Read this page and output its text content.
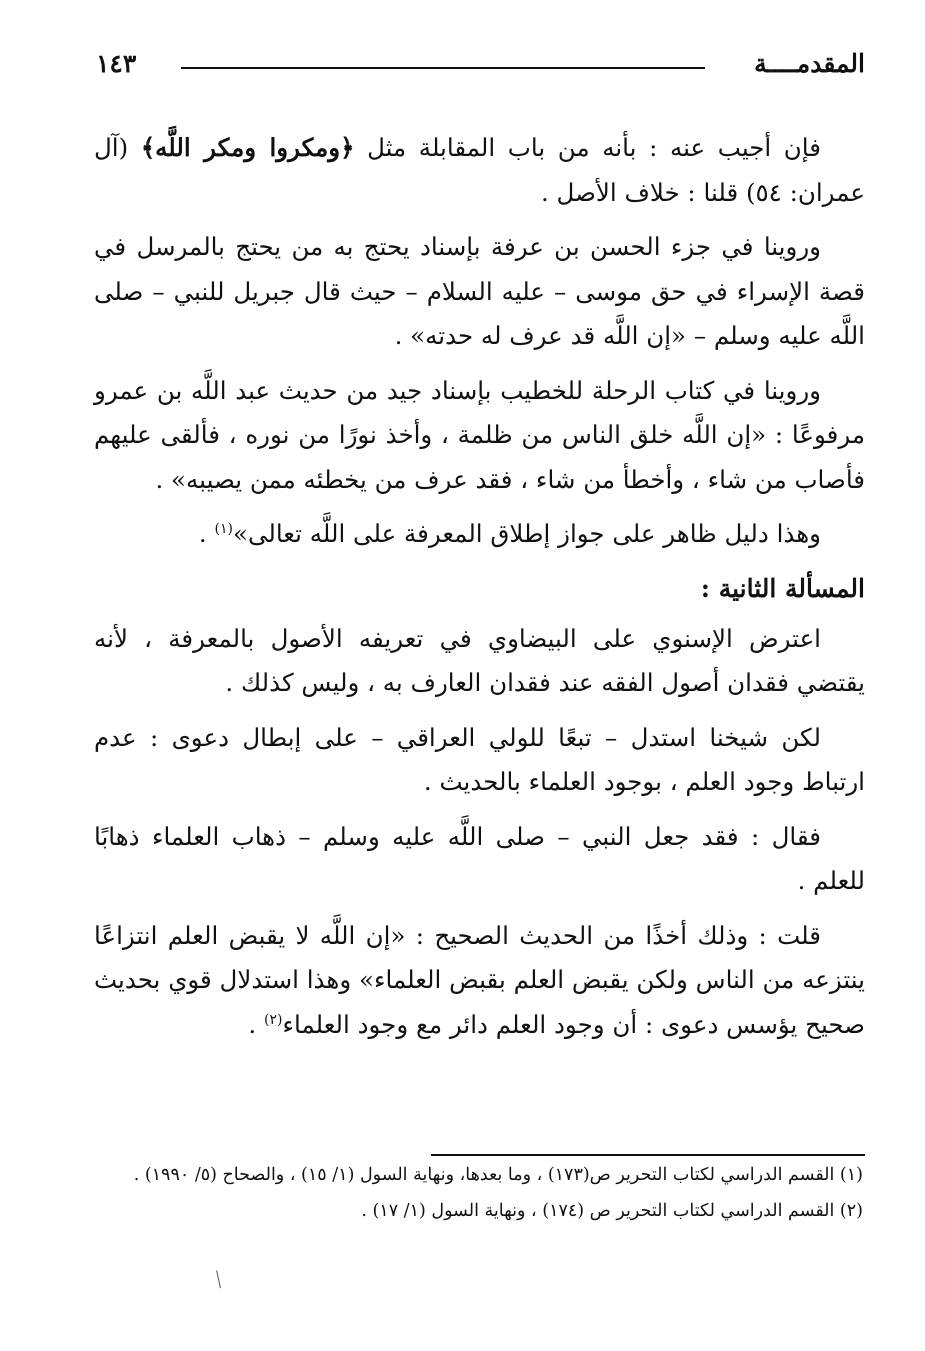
المقدمــــة
١٤٣

فإن أجيب عنه : بأنه من باب المقابلة مثل ﴿ومكروا ومكر اللَّه﴾ (آل عمران: ٥٤) قلنا : خلاف الأصل .

وروينا في جزء الحسن بن عرفة بإسناد يحتج به من يحتج بالمرسل في قصة الإسراء في حق موسى – عليه السلام – حيث قال جبريل للنبي – صلى اللَّه عليه وسلم – «إن اللَّه قد عرف له حدته» .

وروينا في كتاب الرحلة للخطيب بإسناد جيد من حديث عبد اللَّه بن عمرو مرفوعًا : «إن اللَّه خلق الناس من ظلمة ، وأخذ نورًا من نوره ، فألقى عليهم فأصاب من شاء ، وأخطأ من شاء ، فقد عرف من يخطئه ممن يصيبه» .

وهذا دليل ظاهر على جواز إطلاق المعرفة على اللَّه تعالى»$^{(١)}$ .

المسألة الثانية :

اعترض الإسنوي على البيضاوي في تعريفه الأصول بالمعرفة ، لأنه يقتضي فقدان أصول الفقه عند فقدان العارف به ، وليس كذلك .

لكن شيخنا استدل – تبعًا للولي العراقي – على إبطال دعوى : عدم ارتباط وجود العلم ، بوجود العلماء بالحديث .

فقال : فقد جعل النبي – صلى اللَّه عليه وسلم – ذهاب العلماء ذهابًا للعلم .

قلت : وذلك أخذًا من الحديث الصحيح : «إن اللَّه لا يقبض العلم انتزاعًا ينتزعه من الناس ولكن يقبض العلم بقبض العلماء» وهذا استدلال قوي بحديث صحيح يؤسس دعوى : أن وجود العلم دائر مع وجود العلماء$^{(٢)}$ .

(١) القسم الدراسي لكتاب التحرير ص(١٧٣) ، وما بعدها، ونهاية السول (١/ ١٥) ، والصحاح (٥/ ١٩٩٠) .

(٢) القسم الدراسي لكتاب التحرير ص (١٧٤) ، ونهاية السول (١/ ١٧) .
